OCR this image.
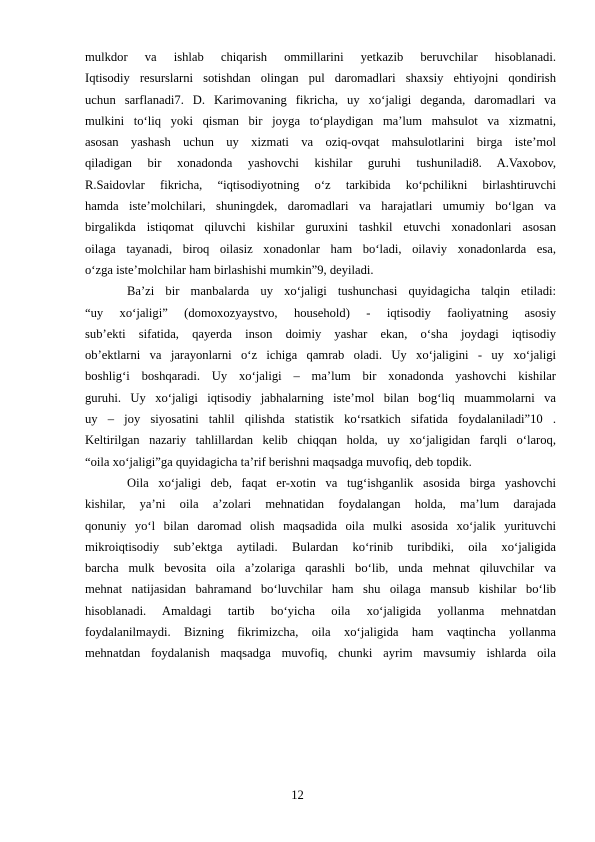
mulkdor va ishlab chiqarish ommillarini yetkazib beruvchilar hisoblanadi.
Iqtisodiy resurslarni sotishdan olingan pul daromadlari shaxsiy ehtiyojni qondirish
uchun sarflanadi7. D. Karimovaning fikricha, uy xo‘jaligi deganda, daromadlari va
mulkini to‘liq yoki qisman bir joyga to‘playdigan ma’lum mahsulot va xizmatni,
asosan yashash uchun uy xizmati va oziq-ovqat mahsulotlarini birga iste’mol
qiladigan bir xonadonda yashovchi kishilar guruhi tushuniladi8. A.Vaxobov,
R.Saidovlar fikricha, “iqtisodiyotning o‘z tarkibida ko‘pchilikni birlashtiruvchi
hamda iste’molchilari, shuningdek, daromadlari va harajatlari umumiy bo‘lgan va
birgalikda istiqomat qiluvchi kishilar guruxini tashkil etuvchi xonadonlari asosan
oilaga tayanadi, biroq oilasiz xonadonlar ham bo‘ladi, oilaviy xonadonlarda esa,
o‘zga iste’molchilar ham birlashishi mumkin”9, deyiladi.

Ba’zi bir manbalarda uy xo‘jaligi tushunchasi quyidagicha talqin etiladi:
“uy xo‘jaligi” (domoxozyaystvo, household) - iqtisodiy faoliyatning asosiy
sub’ekti sifatida, qayerda inson doimiy yashar ekan, o‘sha joydagi iqtisodiy
ob’ektlarni va jarayonlarni o‘z ichiga qamrab oladi. Uy xo‘jaligini - uy xo‘jaligi
boshlig‘i boshqaradi. Uy xo‘jaligi – ma’lum bir xonadonda yashovchi kishilar
guruhi. Uy xo‘jaligi iqtisodiy jabhalarning iste’mol bilan bog‘liq muammolarni va
uy – joy siyosatini tahlil qilishda statistik ko‘rsatkich sifatida foydalaniladi”10 .
Keltirilgan nazariy tahlillardan kelib chiqqan holda, uy xo‘jaligidan farqli o‘laroq,
“oila xo‘jaligi”ga quyidagicha ta’rif berishni maqsadga muvofiq, deb topdik.

Oila xo‘jaligi deb, faqat er-xotin va tug‘ishganlik asosida birga yashovchi
kishilar, ya’ni oila a’zolari mehnatidan foydalangan holda, ma’lum darajada
qonuniy yo‘l bilan daromad olish maqsadida oila mulki asosida xo‘jalik yurituvchi
mikroiqtisodiy sub’ektga aytiladi. Bulardan ko‘rinib turibdiki, oila xo‘jaligida
barcha mulk bevosita oila a’zolariga qarashli bo‘lib, unda mehnat qiluvchilar va
mehnat natijasidan bahramand bo‘luvchilar ham shu oilaga mansub kishilar bo‘lib
hisoblanadi. Amaldagi tartib bo‘yicha oila xo‘jaligida yollanma mehnatdan
foydalanilmaydi. Bizning fikrimizcha, oila xo‘jaligida ham vaqtincha yollanma
mehnatdan foydalanish maqsadga muvofiq, chunki ayrim mavsumiy ishlarda oila

12
